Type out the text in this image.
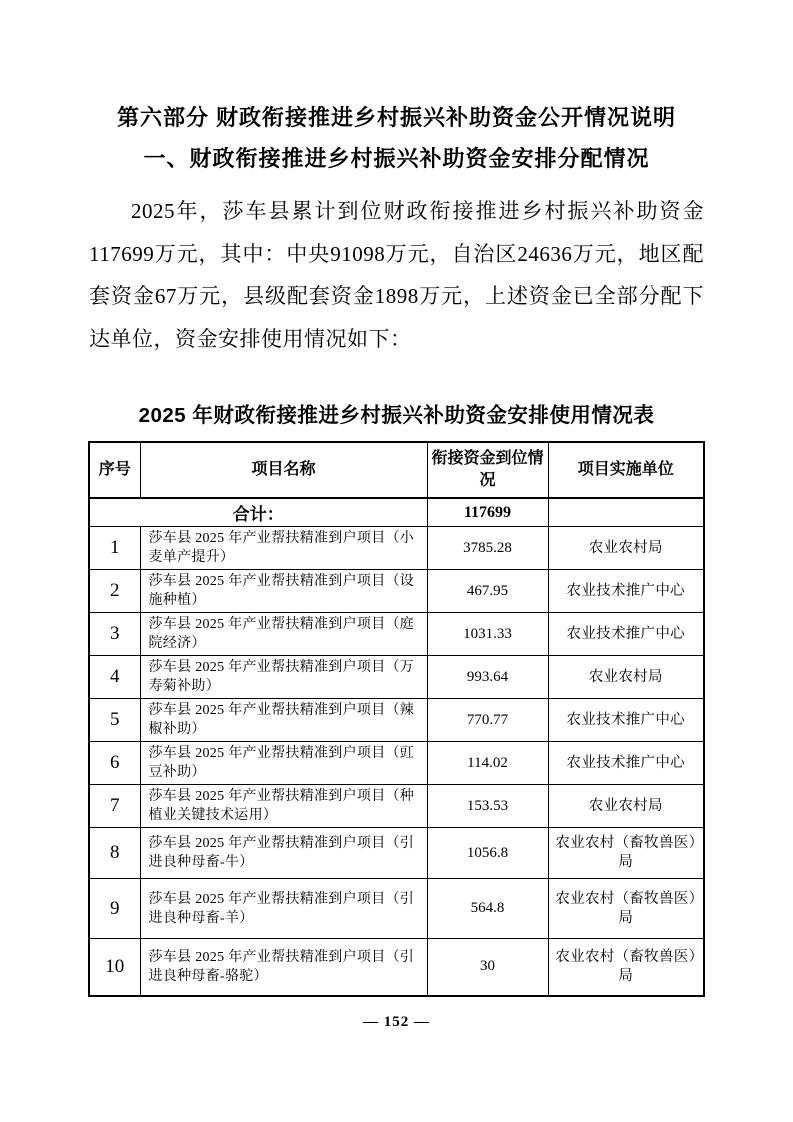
第六部分 财政衔接推进乡村振兴补助资金公开情况说明
一、财政衔接推进乡村振兴补助资金安排分配情况

2025年，莎车县累计到位财政衔接推进乡村振兴补助资金117699万元，其中：中央91098万元，自治区24636万元，地区配套资金67万元，县级配套资金1898万元，上述资金已全部分配下达单位，资金安排使用情况如下：

2025 年财政衔接推进乡村振兴补助资金安排使用情况表
序号	项目名称	衔接资金到位情况	项目实施单位
合计：		117699	
1	莎车县 2025 年产业帮扶精准到户项目（小麦单产提升）	3785.28	农业农村局
2	莎车县 2025 年产业帮扶精准到户项目（设施种植）	467.95	农业技术推广中心
3	莎车县 2025 年产业帮扶精准到户项目（庭院经济）	1031.33	农业技术推广中心
4	莎车县 2025 年产业帮扶精准到户项目（万寿菊补助）	993.64	农业农村局
5	莎车县 2025 年产业帮扶精准到户项目（辣椒补助）	770.77	农业技术推广中心
6	莎车县 2025 年产业帮扶精准到户项目（豇豆补助）	114.02	农业技术推广中心
7	莎车县 2025 年产业帮扶精准到户项目（种植业关键技术运用）	153.53	农业农村局
8	莎车县 2025 年产业帮扶精准到户项目（引进良种母畜-牛）	1056.8	农业农村（畜牧兽医）局
9	莎车县 2025 年产业帮扶精准到户项目（引进良种母畜-羊）	564.8	农业农村（畜牧兽医）局
10	莎车县 2025 年产业帮扶精准到户项目（引进良种母畜-骆驼）	30	农业农村（畜牧兽医）局
— 152 —
